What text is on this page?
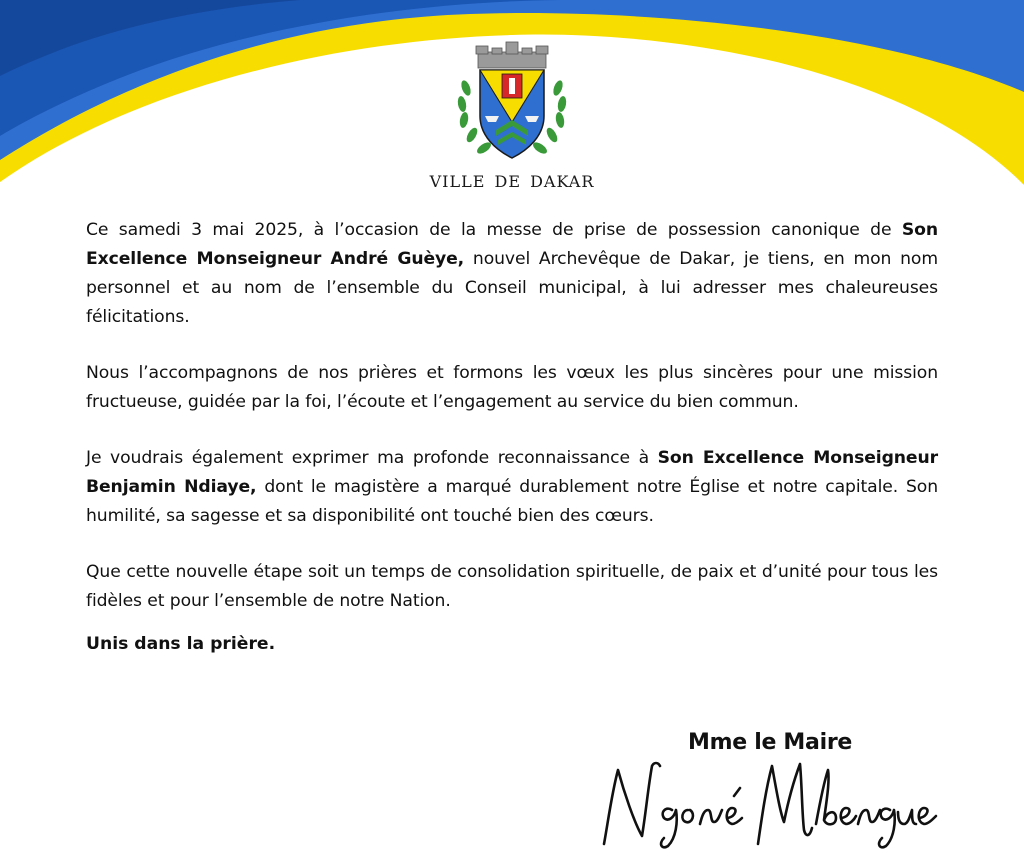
VILLE DE DAKAR

Ce samedi 3 mai 2025, à l’occasion de la messe de prise de possession canonique de Son Excellence Monseigneur André Guèye, nouvel Archevêque de Dakar, je tiens, en mon nom personnel et au nom de l’ensemble du Conseil municipal, à lui adresser mes chaleureuses félicitations.

Nous l’accompagnons de nos prières et formons les vœux les plus sincères pour une mission fructueuse, guidée par la foi, l’écoute et l’engagement au service du bien commun.

Je voudrais également exprimer ma profonde reconnaissance à Son Excellence Monseigneur Benjamin Ndiaye, dont le magistère a marqué durablement notre Église et notre capitale. Son humilité, sa sagesse et sa disponibilité ont touché bien des cœurs.

Que cette nouvelle étape soit un temps de consolidation spirituelle, de paix et d’unité pour tous les fidèles et pour l’ensemble de notre Nation.

Unis dans la prière.

Mme le Maire
